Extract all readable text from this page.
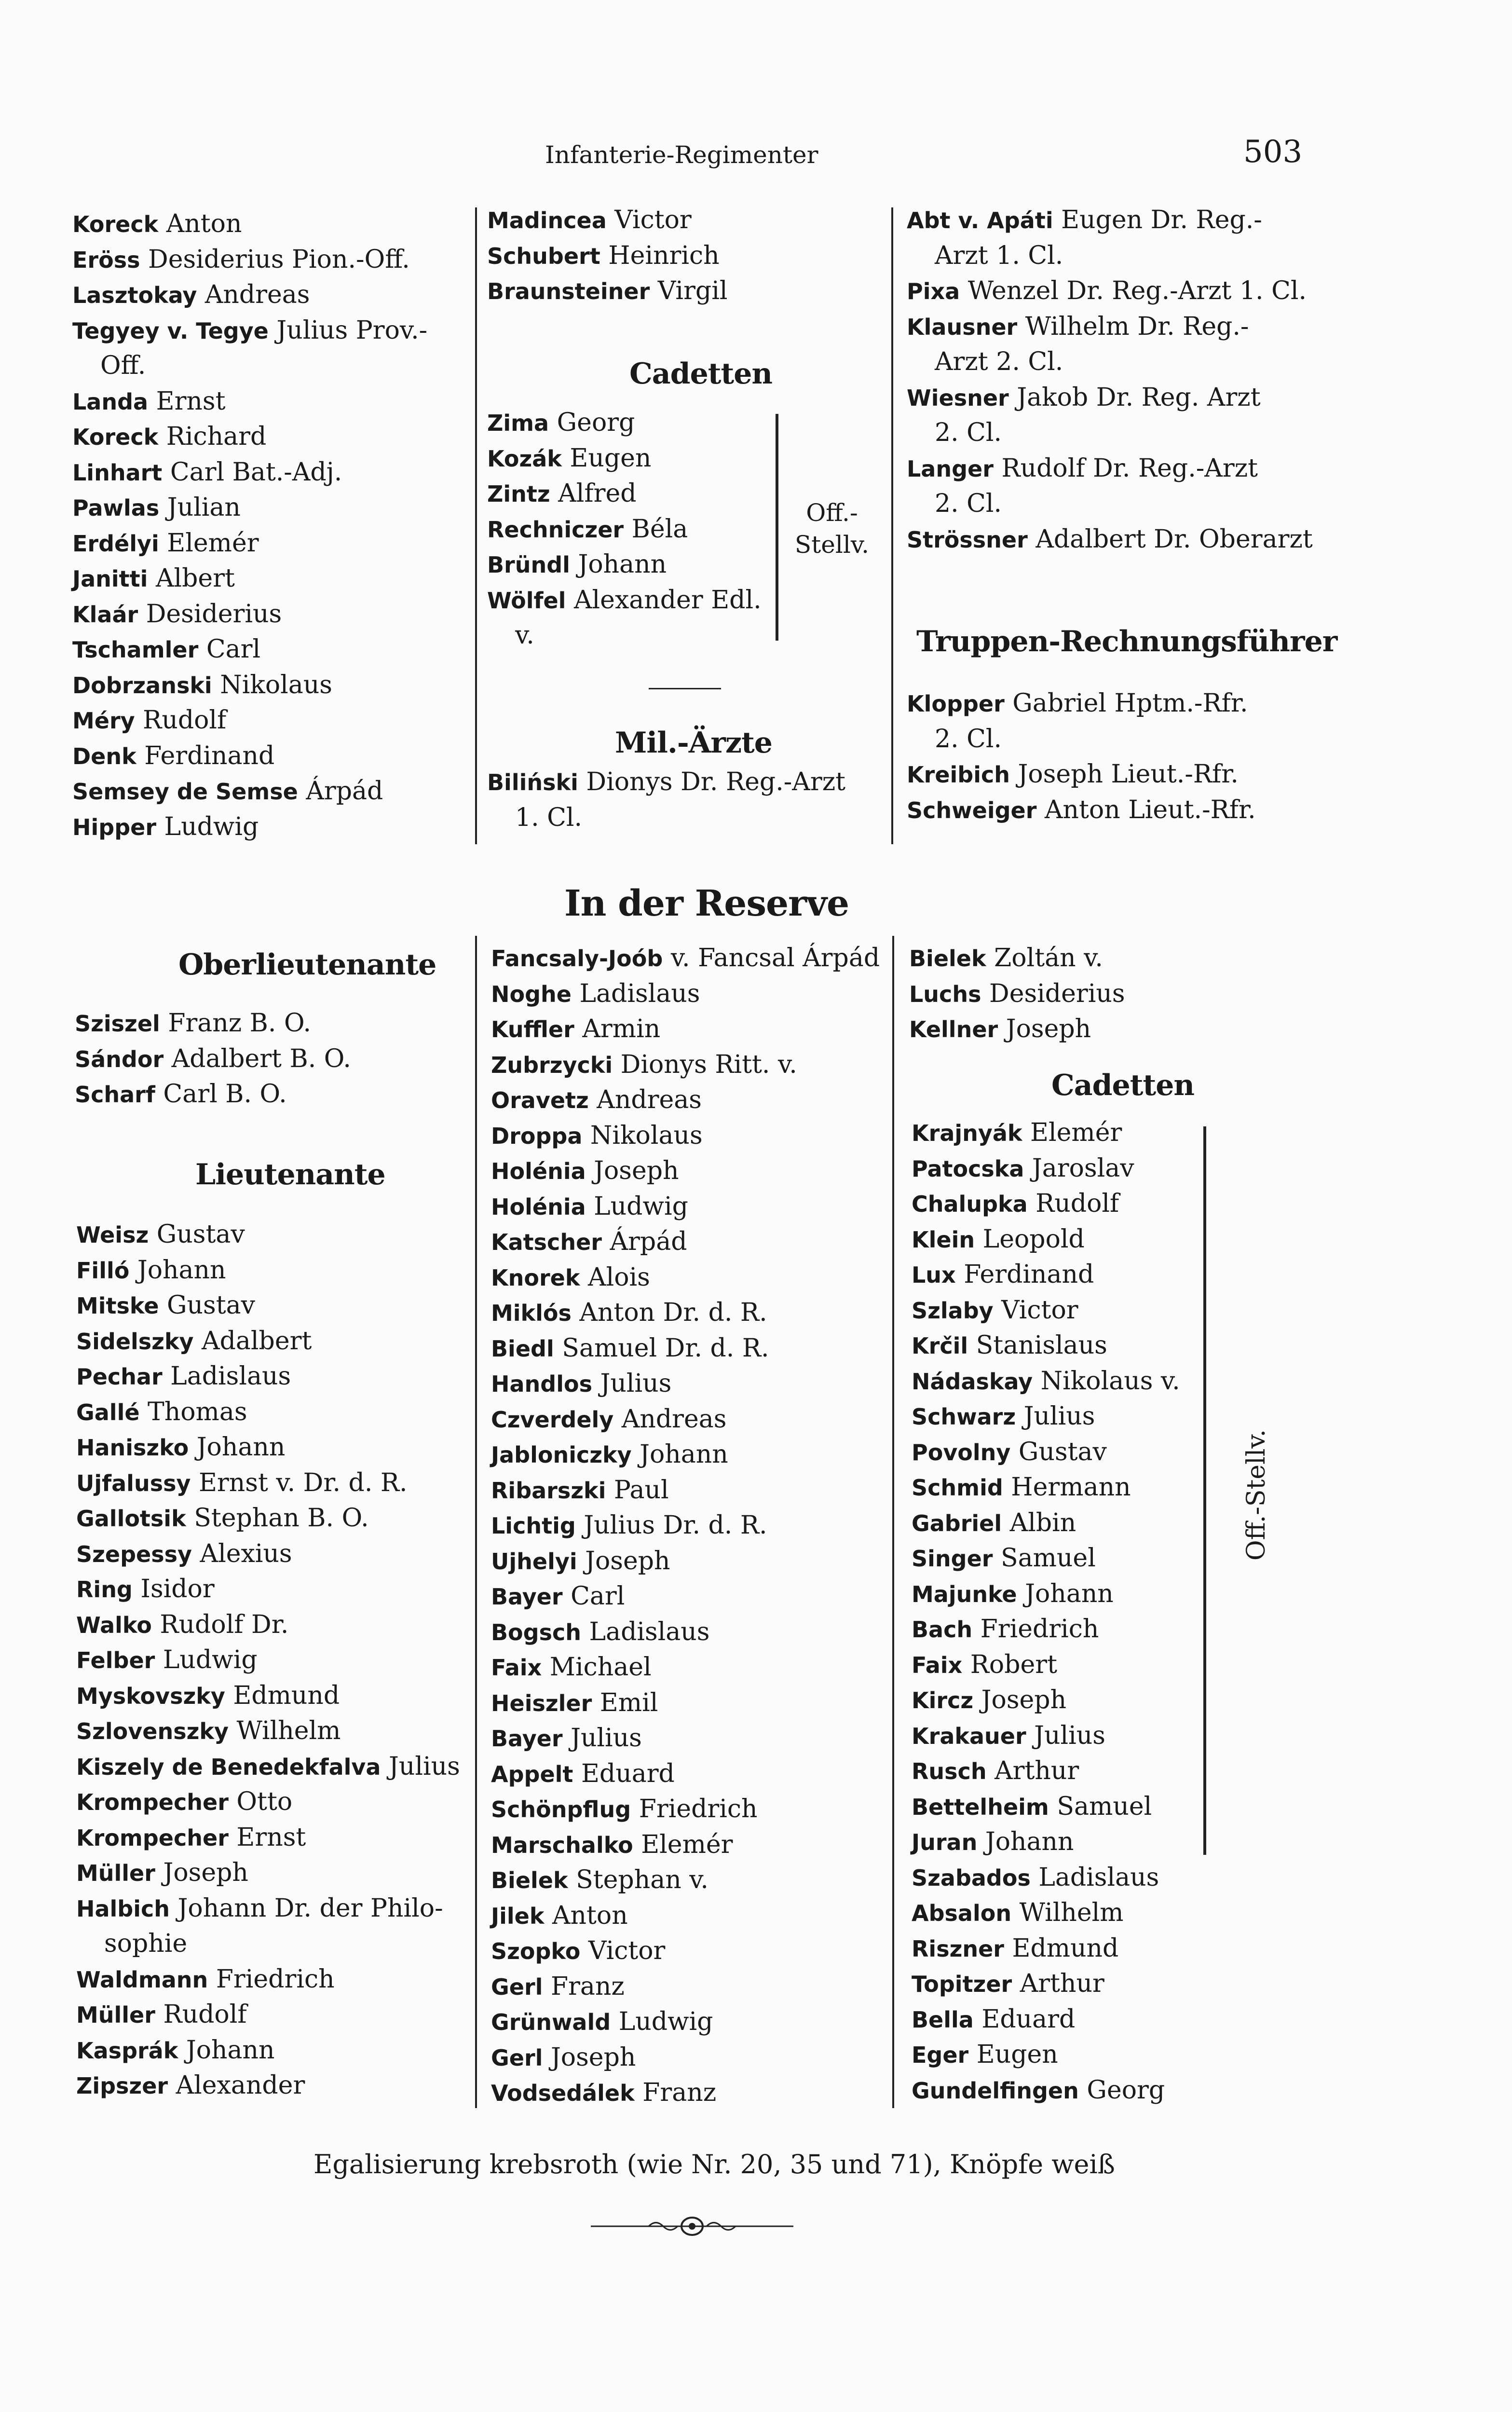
Infanterie-Regimenter	503
Koreck Anton
Eröss Desiderius Pion.-Off.
Lasztokay Andreas
Tegyey v. Tegye Julius Prov.-
Off.
Landa Ernst
Koreck Richard
Linhart Carl Bat.-Adj.
Pawlas Julian
Erdélyi Elemér
Janitti Albert
Klaár Desiderius
Tschamler Carl
Dobrzanski Nikolaus
Méry Rudolf
Denk Ferdinand
Semsey de Semse Árpád
Hipper Ludwig
Madincea Victor
Schubert Heinrich
Braunsteiner Virgil
Cadetten
Zima Georg
Kozák Eugen
Zintz Alfred
Rechniczer Béla
Bründl Johann
Wölfel Alexander Edl.
v.
Off.-
Stellv.
Mil.-Ärzte
Biliński Dionys Dr. Reg.-Arzt
1. Cl.
Abt v. Apáti Eugen Dr. Reg.-
Arzt 1. Cl.
Pixa Wenzel Dr. Reg.-Arzt 1. Cl.
Klausner Wilhelm Dr. Reg.-
Arzt 2. Cl.
Wiesner Jakob Dr. Reg. Arzt
2. Cl.
Langer Rudolf Dr. Reg.-Arzt
2. Cl.
Strössner Adalbert Dr. Oberarzt
Truppen-Rechnungsführer
Klopper Gabriel Hptm.-Rfr.
2. Cl.
Kreibich Joseph Lieut.-Rfr.
Schweiger Anton Lieut.-Rfr.
In der Reserve
Oberlieutenante
Sziszel Franz B. O.
Sándor Adalbert B. O.
Scharf Carl B. O.
Lieutenante
Weisz Gustav
Filló Johann
Mitske Gustav
Sidelszky Adalbert
Pechar Ladislaus
Gallé Thomas
Haniszko Johann
Ujfalussy Ernst v. Dr. d. R.
Gallotsik Stephan B. O.
Szepessy Alexius
Ring Isidor
Walko Rudolf Dr.
Felber Ludwig
Myskovszky Edmund
Szlovenszky Wilhelm
Kiszely de Benedekfalva Julius
Krompecher Otto
Krompecher Ernst
Müller Joseph
Halbich Johann Dr. der Philo-
sophie
Waldmann Friedrich
Müller Rudolf
Kasprák Johann
Zipszer Alexander
Fancsaly-Joób v. Fancsal Árpád
Noghe Ladislaus
Kuffler Armin
Zubrzycki Dionys Ritt. v.
Oravetz Andreas
Droppa Nikolaus
Holénia Joseph
Holénia Ludwig
Katscher Árpád
Knorek Alois
Miklós Anton Dr. d. R.
Biedl Samuel Dr. d. R.
Handlos Julius
Czverdely Andreas
Jabloniczky Johann
Ribarszki Paul
Lichtig Julius Dr. d. R.
Ujhelyi Joseph
Bayer Carl
Bogsch Ladislaus
Faix Michael
Heiszler Emil
Bayer Julius
Appelt Eduard
Schönpflug Friedrich
Marschalko Elemér
Bielek Stephan v.
Jilek Anton
Szopko Victor
Gerl Franz
Grünwald Ludwig
Gerl Joseph
Vodsedálek Franz
Bielek Zoltán v.
Luchs Desiderius
Kellner Joseph
Cadetten
Krajnyák Elemér
Patocska Jaroslav
Chalupka Rudolf
Klein Leopold
Lux Ferdinand
Szlaby Victor
Krčil Stanislaus
Nádaskay Nikolaus v.
Schwarz Julius
Povolny Gustav
Schmid Hermann
Gabriel Albin
Singer Samuel
Majunke Johann
Bach Friedrich
Faix Robert
Kircz Joseph
Krakauer Julius
Rusch Arthur
Bettelheim Samuel
Juran Johann
Szabados Ladislaus
Absalon Wilhelm
Riszner Edmund
Topitzer Arthur
Bella Eduard
Eger Eugen
Gundelfingen Georg
Off.-Stellv.
Egalisierung krebsroth (wie Nr. 20, 35 und 71), Knöpfe weiß
